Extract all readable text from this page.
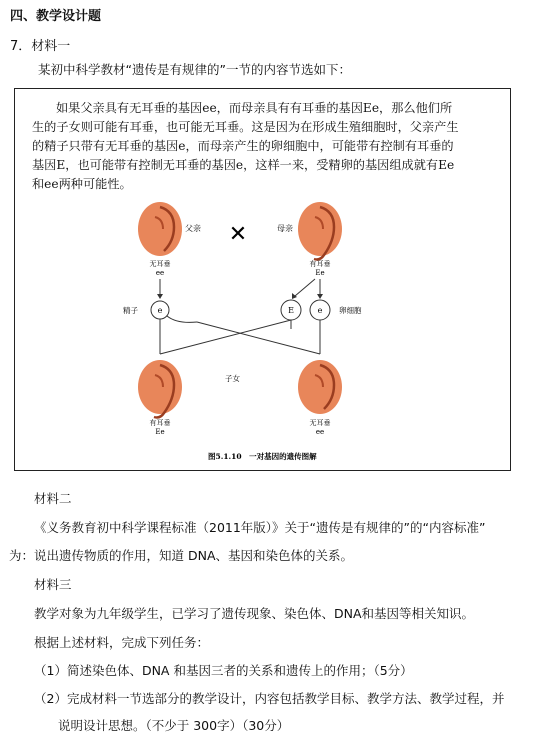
四、教学设计题
7．材料一
某初中科学教材“遗传是有规律的”一节的内容节选如下：

如果父亲具有无耳垂的基因ee，而母亲具有有耳垂的基因Ee，那么他们所

生的子女则可能有耳垂，也可能无耳垂。这是因为在形成生殖细胞时，父亲产生

的精子只带有无耳垂的基因e，而母亲产生的卵细胞中，可能带有控制有耳垂的

基因E，也可能带有控制无耳垂的基因e，这样一来，受精卵的基因组成就有Ee

和ee两种可能性。

父亲 ✕	母亲
无耳垂
ee
有耳垂
Ee
精子 e	E	e 卵细胞
子女
有耳垂
Ee
无耳垂
ee
图5.1.10　一对基因的遗传图解
材料二
《义务教育初中科学课程标准（2011年版）》关于“遗传是有规律的”的“内容标准”
为：说出遗传物质的作用，知道 DNA、基因和染色体的关系。
材料三
教学对象为九年级学生，已学习了遗传现象、染色体、DNA和基因等相关知识。
根据上述材料，完成下列任务：
（1）简述染色体、DNA 和基因三者的关系和遗传上的作用；（5分）
（2）完成材料一节选部分的教学设计，内容包括教学目标、教学方法、教学过程，并
说明设计思想。（不少于 300字）（30分）
